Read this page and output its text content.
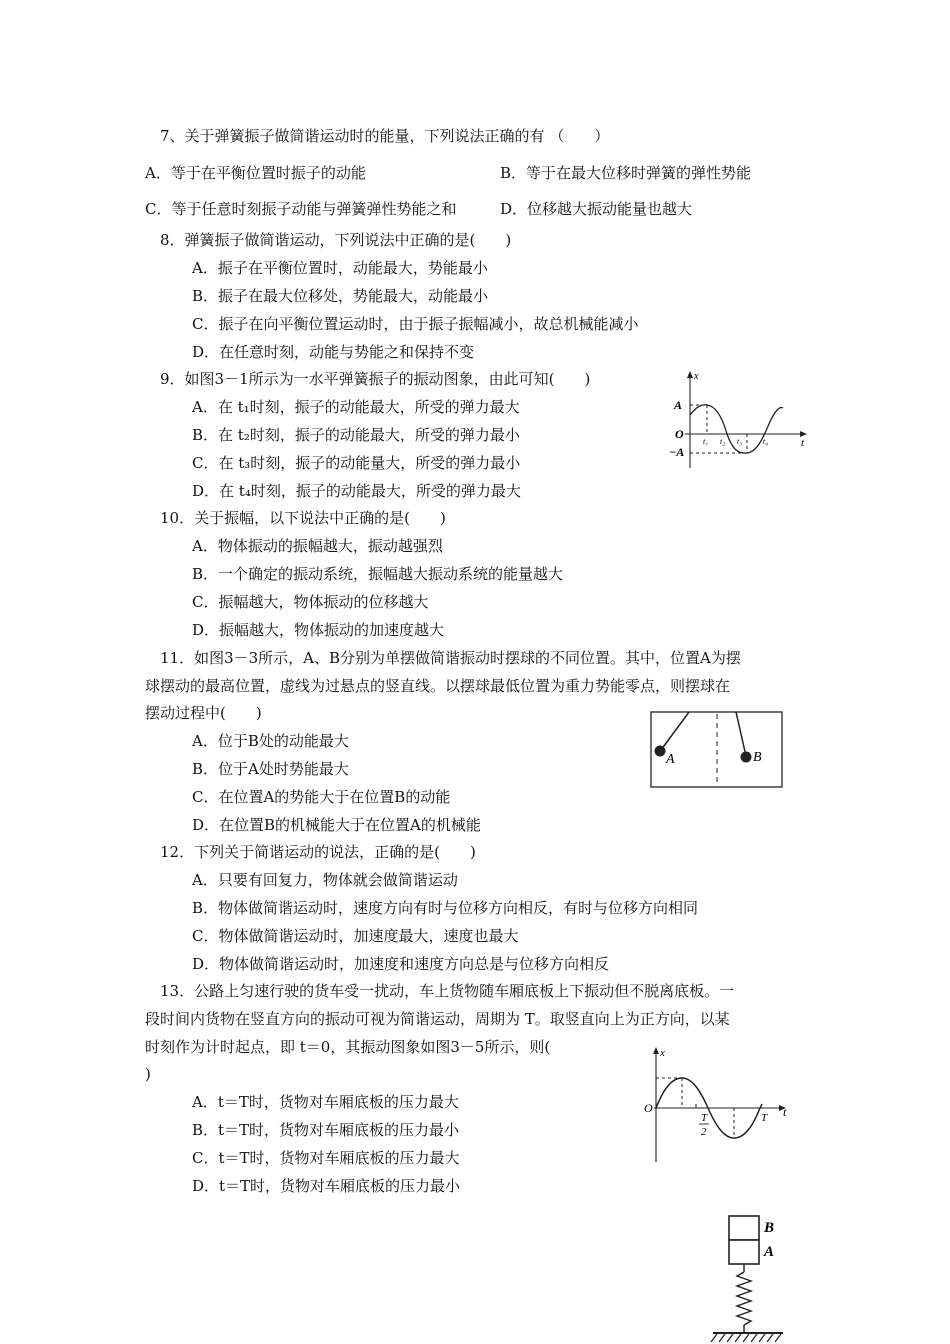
7、关于弹簧振子做简谐运动时的能量，下列说法正确的有 （　　）
A．等于在平衡位置时振子的动能	B．等于在最大位移时弹簧的弹性势能
C．等于任意时刻振子动能与弹簧弹性势能之和	D．位移越大振动能量也越大
8．弹簧振子做简谐运动，下列说法中正确的是(　　)
A．振子在平衡位置时，动能最大，势能最小
B．振子在最大位移处，势能最大，动能最小
C．振子在向平衡位置运动时，由于振子振幅减小，故总机械能减小
D．在任意时刻，动能与势能之和保持不变
9．如图3－1所示为一水平弹簧振子的振动图象，由此可知(　　)
A．在 t₁时刻，振子的动能最大，所受的弹力最大
B．在 t₂时刻，振子的动能最大，所受的弹力最小
C．在 t₃时刻，振子的动能量大，所受的弹力最小
D．在 t₄时刻，振子的动能最大，所受的弹力最大
x
t
O
A
−A
t₁ t₂ t₃	t₄
10．关于振幅，以下说法中正确的是(　　)
A．物体振动的振幅越大，振动越强烈
B．一个确定的振动系统，振幅越大振动系统的能量越大
C．振幅越大，物体振动的位移越大
D．振幅越大，物体振动的加速度越大
11．如图3－3所示，A、B分别为单摆做简谐振动时摆球的不同位置。其中，位置A为摆
球摆动的最高位置，虚线为过悬点的竖直线。以摆球最低位置为重力势能零点，则摆球在
摆动过程中(　　)
A．位于B处的动能最大
B．位于A处时势能最大
C．在位置A的势能大于在位置B的动能
D．在位置B的机械能大于在位置A的机械能
A	B
12．下列关于简谐运动的说法，正确的是(　　)
A．只要有回复力，物体就会做简谐运动
B．物体做简谐运动时，速度方向有时与位移方向相反，有时与位移方向相同
C．物体做简谐运动时，加速度最大，速度也最大
D．物体做简谐运动时，加速度和速度方向总是与位移方向相反
13．公路上匀速行驶的货车受一扰动，车上货物随车厢底板上下振动但不脱离底板。一
段时间内货物在竖直方向的振动可视为简谐运动，周期为 T。取竖直向上为正方向，以某
时刻作为计时起点，即 t＝0，其振动图象如图3－5所示，则(
)
A．t＝T时，货物对车厢底板的压力最大
B．t＝T时，货物对车厢底板的压力最小
C．t＝T时，货物对车厢底板的压力最大
D．t＝T时，货物对车厢底板的压力最小
x
t
O
T
2
T
B
A
